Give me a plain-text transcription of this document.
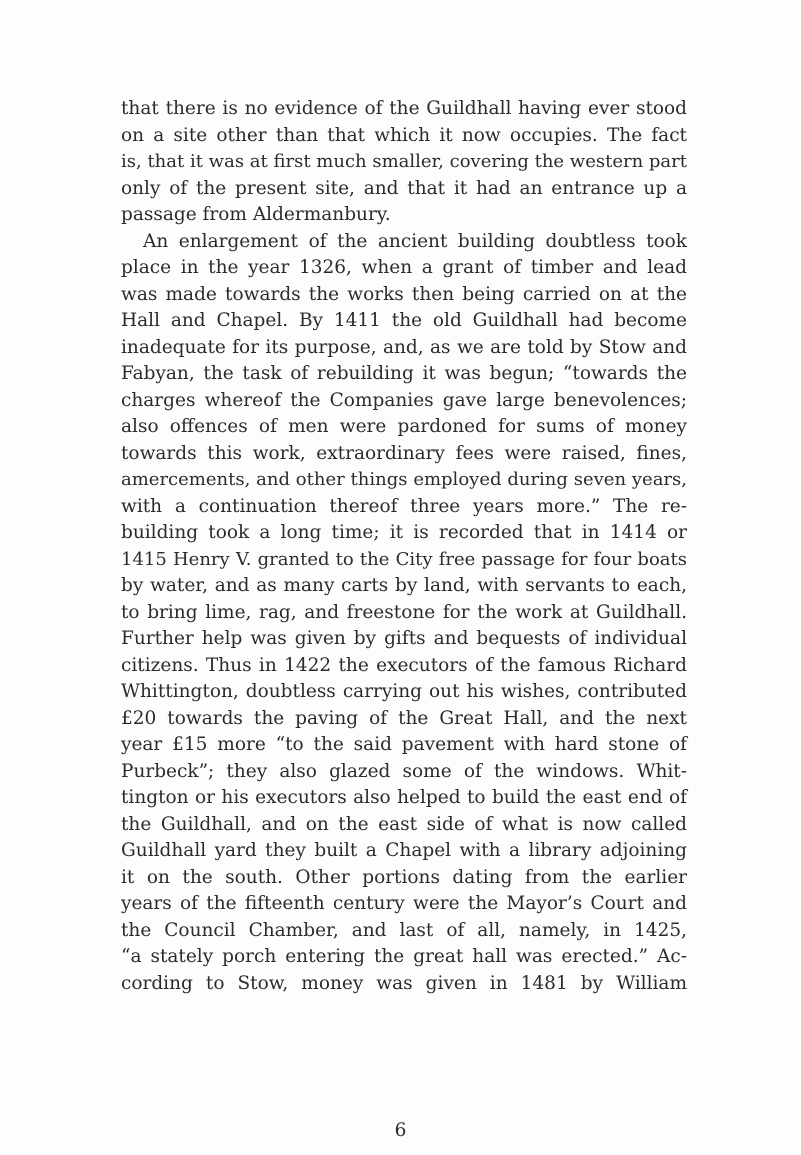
that there is no evidence of the Guildhall having ever stood
on a site other than that which it now occupies. The fact
is, that it was at first much smaller, covering the western part
only of the present site, and that it had an entrance up a
passage from Aldermanbury.
An enlargement of the ancient building doubtless took
place in the year 1326, when a grant of timber and lead
was made towards the works then being carried on at the
Hall and Chapel. By 1411 the old Guildhall had become
inadequate for its purpose, and, as we are told by Stow and
Fabyan, the task of rebuilding it was begun; “towards the
charges whereof the Companies gave large benevolences;
also offences of men were pardoned for sums of money
towards this work, extraordinary fees were raised, fines,
amercements, and other things employed during seven years,
with a continuation thereof three years more.” The re-
building took a long time; it is recorded that in 1414 or
1415 Henry V. granted to the City free passage for four boats
by water, and as many carts by land, with servants to each,
to bring lime, rag, and freestone for the work at Guildhall.
Further help was given by gifts and bequests of individual
citizens. Thus in 1422 the executors of the famous Richard
Whittington, doubtless carrying out his wishes, contributed
£20 towards the paving of the Great Hall, and the next
year £15 more “to the said pavement with hard stone of
Purbeck”; they also glazed some of the windows. Whit-
tington or his executors also helped to build the east end of
the Guildhall, and on the east side of what is now called
Guildhall yard they built a Chapel with a library adjoining
it on the south. Other portions dating from the earlier
years of the fifteenth century were the Mayor’s Court and
the Council Chamber, and last of all, namely, in 1425,
“a stately porch entering the great hall was erected.” Ac-
cording to Stow, money was given in 1481 by William
6
